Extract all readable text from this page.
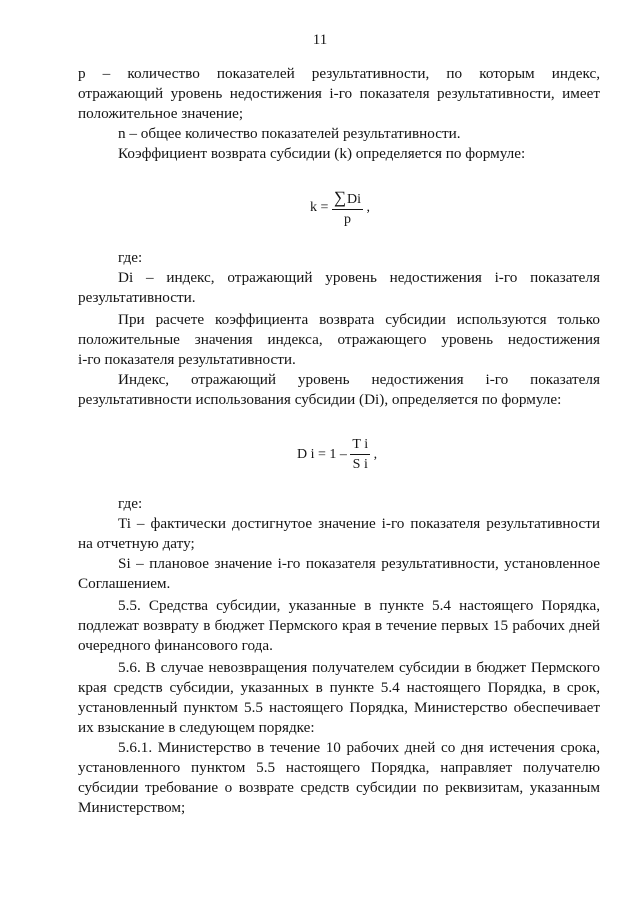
11
p – количество показателей результативности, по которым индекс,
отражающий уровень недостижения i-го показателя результативности, имеет
положительное значение;
n – общее количество показателей результативности.
Коэффициент возврата субсидии (k) определяется по формуле:
где:
Di – индекс, отражающий уровень недостижения i-го показателя
результативности.
При расчете коэффициента возврата субсидии используются только
положительные значения индекса, отражающего уровень недостижения
i-го показателя результативности.
Индекс, отражающий уровень недостижения i-го показателя
результативности использования субсидии (Di), определяется по формуле:
где:
Ti – фактически достигнутое значение i-го показателя результативности
на отчетную дату;
Si – плановое значение i-го показателя результативности, установленное
Соглашением.
5.5. Средства субсидии, указанные в пункте 5.4 настоящего Порядка,
подлежат возврату в бюджет Пермского края в течение первых 15 рабочих дней
очередного финансового года.
5.6. В случае невозвращения получателем субсидии в бюджет Пермского
края средств субсидии, указанных в пункте 5.4 настоящего Порядка, в срок,
установленный пунктом 5.5 настоящего Порядка, Министерство обеспечивает
их взыскание в следующем порядке:
5.6.1. Министерство в течение 10 рабочих дней со дня истечения срока,
установленного пунктом 5.5 настоящего Порядка, направляет получателю
субсидии требование о возврате средств субсидии по реквизитам, указанным
Министерством;
$k = \frac{\sum Di}{p}$ ,
D $i = 1 - \frac{\text{T i}}{\text{S i}}$ ,
